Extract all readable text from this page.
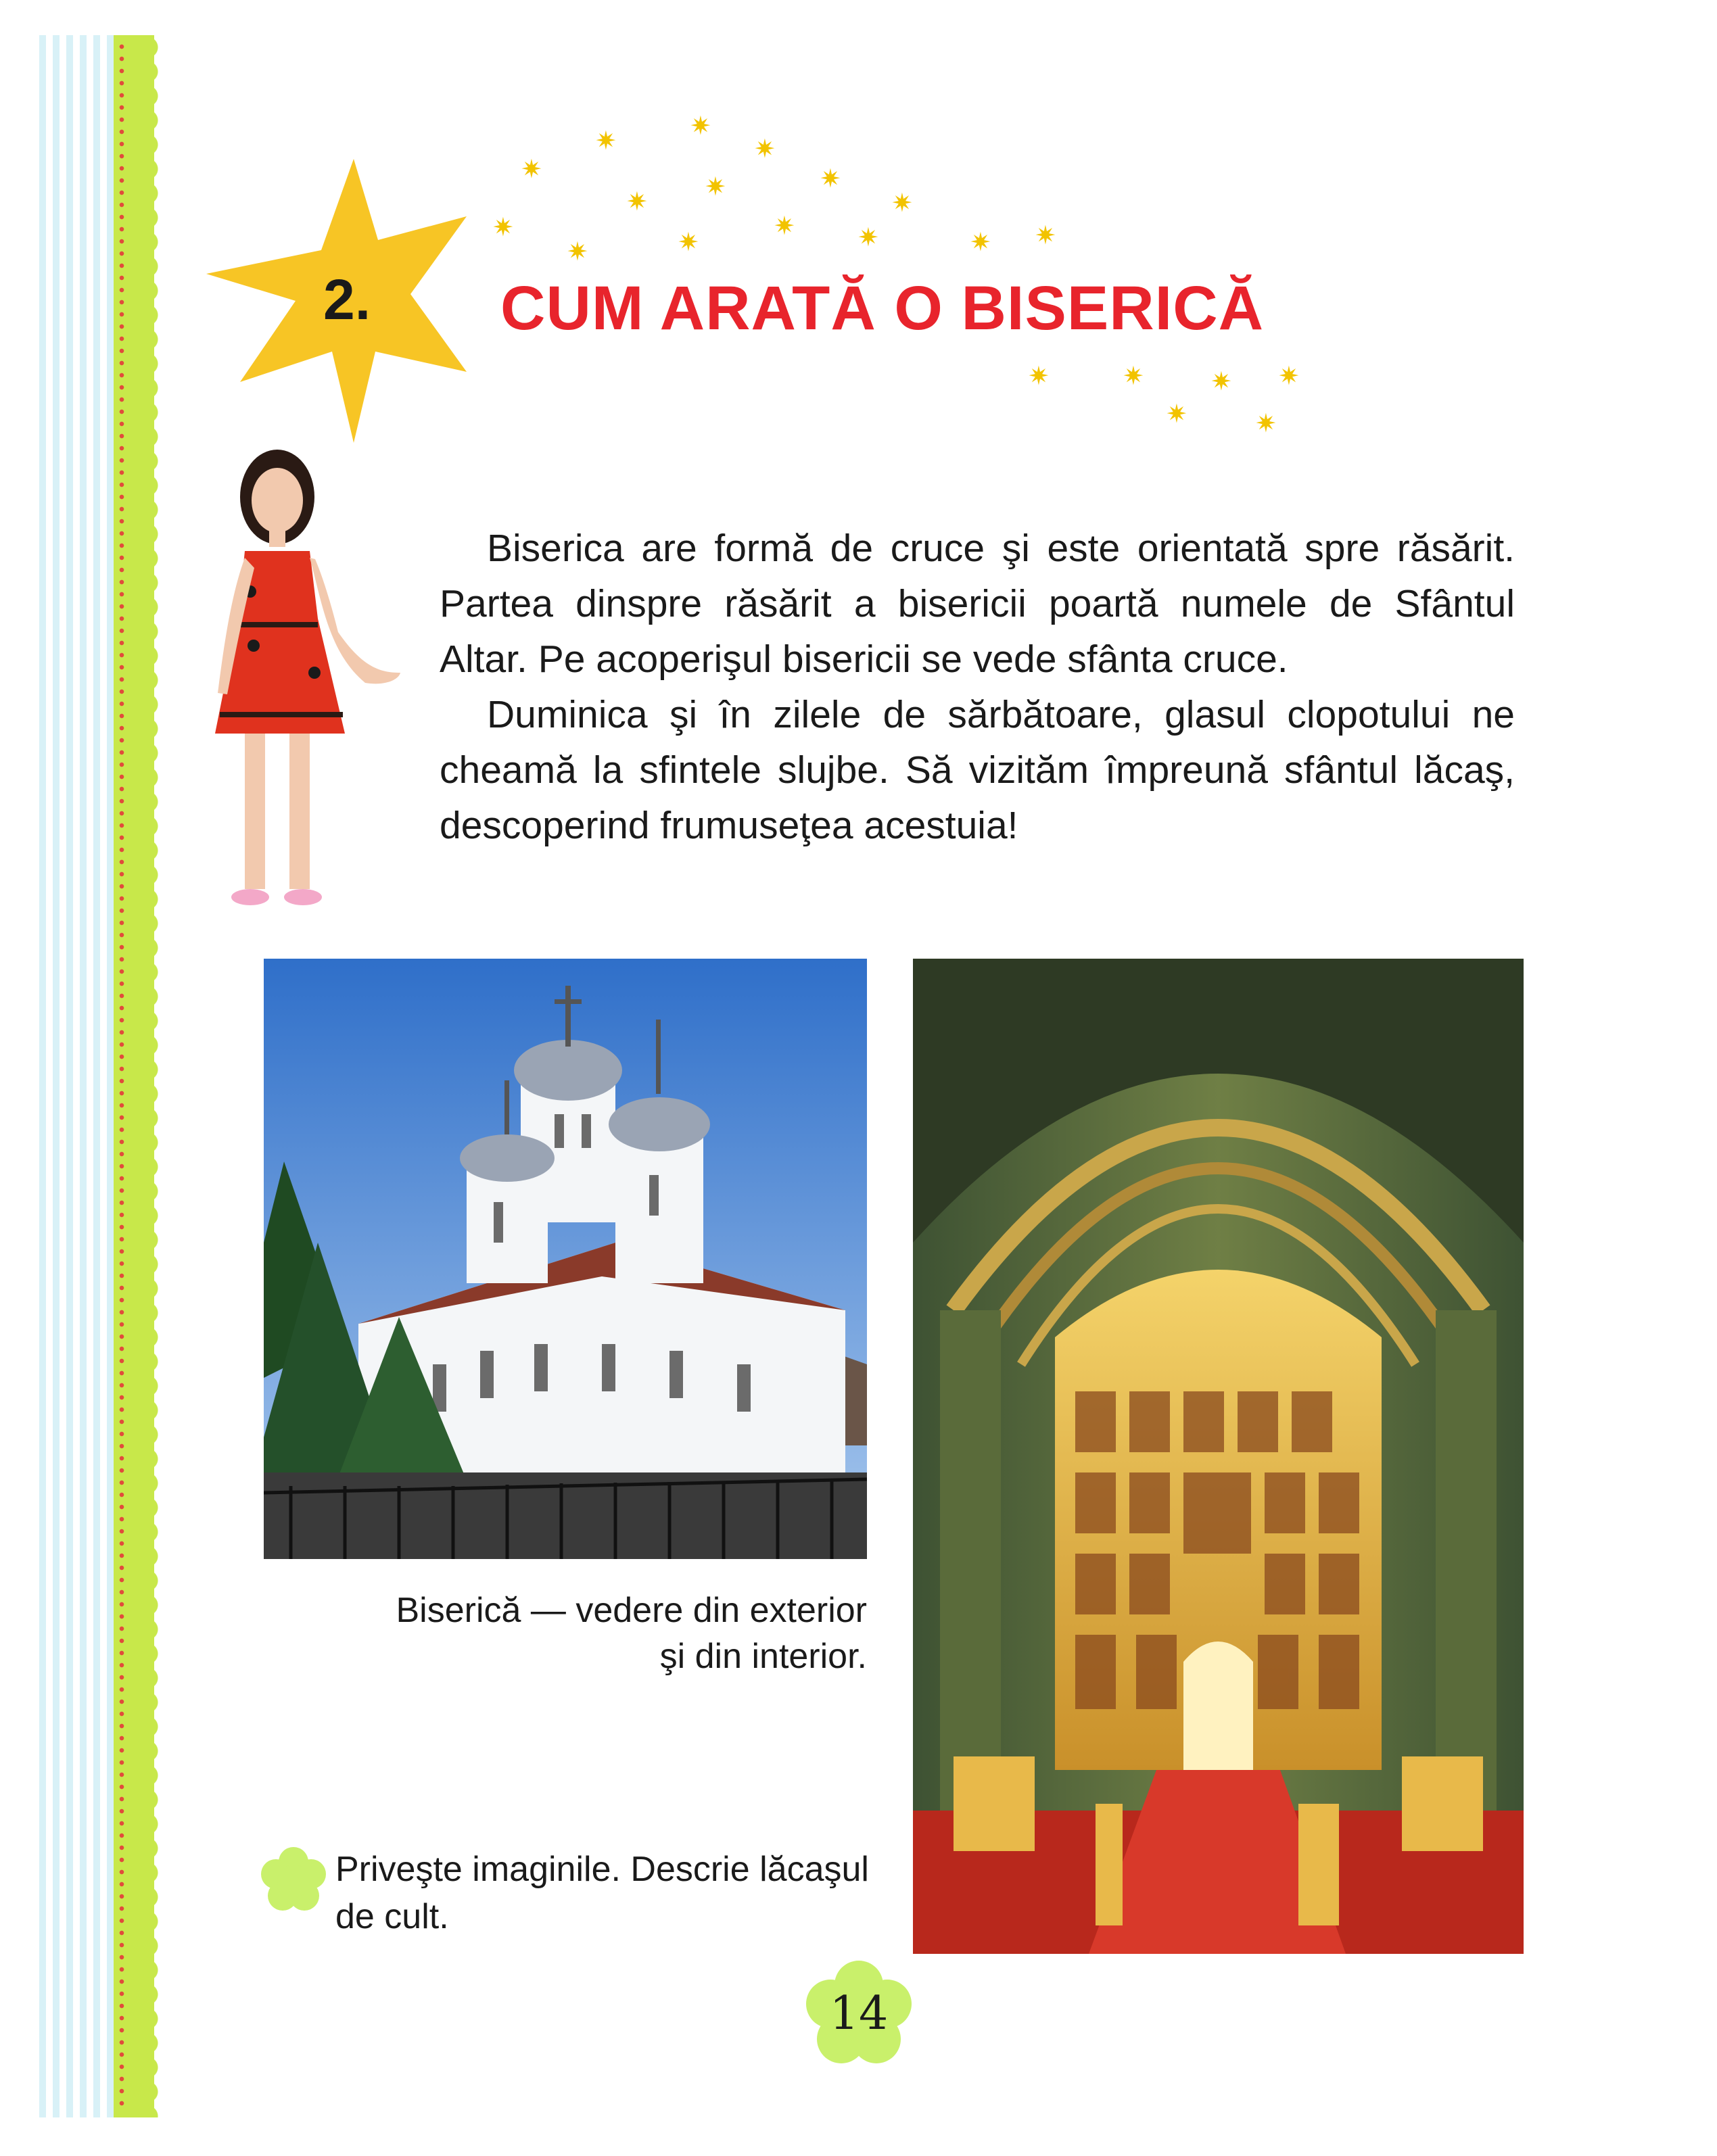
2. CUM ARATĂ O BISERICĂ
✷
✷
✷
✷
✷
✷
✷
✷
✷
✷
✷
✷ ✷	✷ ✷
✷	✷	✷ ✷
✷	✷

Biserica are formă de cruce şi este orientată spre răsărit. Partea dinspre răsărit a bisericii poartă numele de Sfântul Altar. Pe acoperişul bisericii se vede sfânta cruce.

Duminica şi în zilele de sărbătoare, glasul clopotului ne cheamă la sfintele slujbe. Să vizităm împreună sfântul lăcaş, descoperind frumuseţea acestuia!

Biserică — vedere din exterior
şi din interior.
Priveşte imaginile. Descrie lăcaşul de cult.
14
